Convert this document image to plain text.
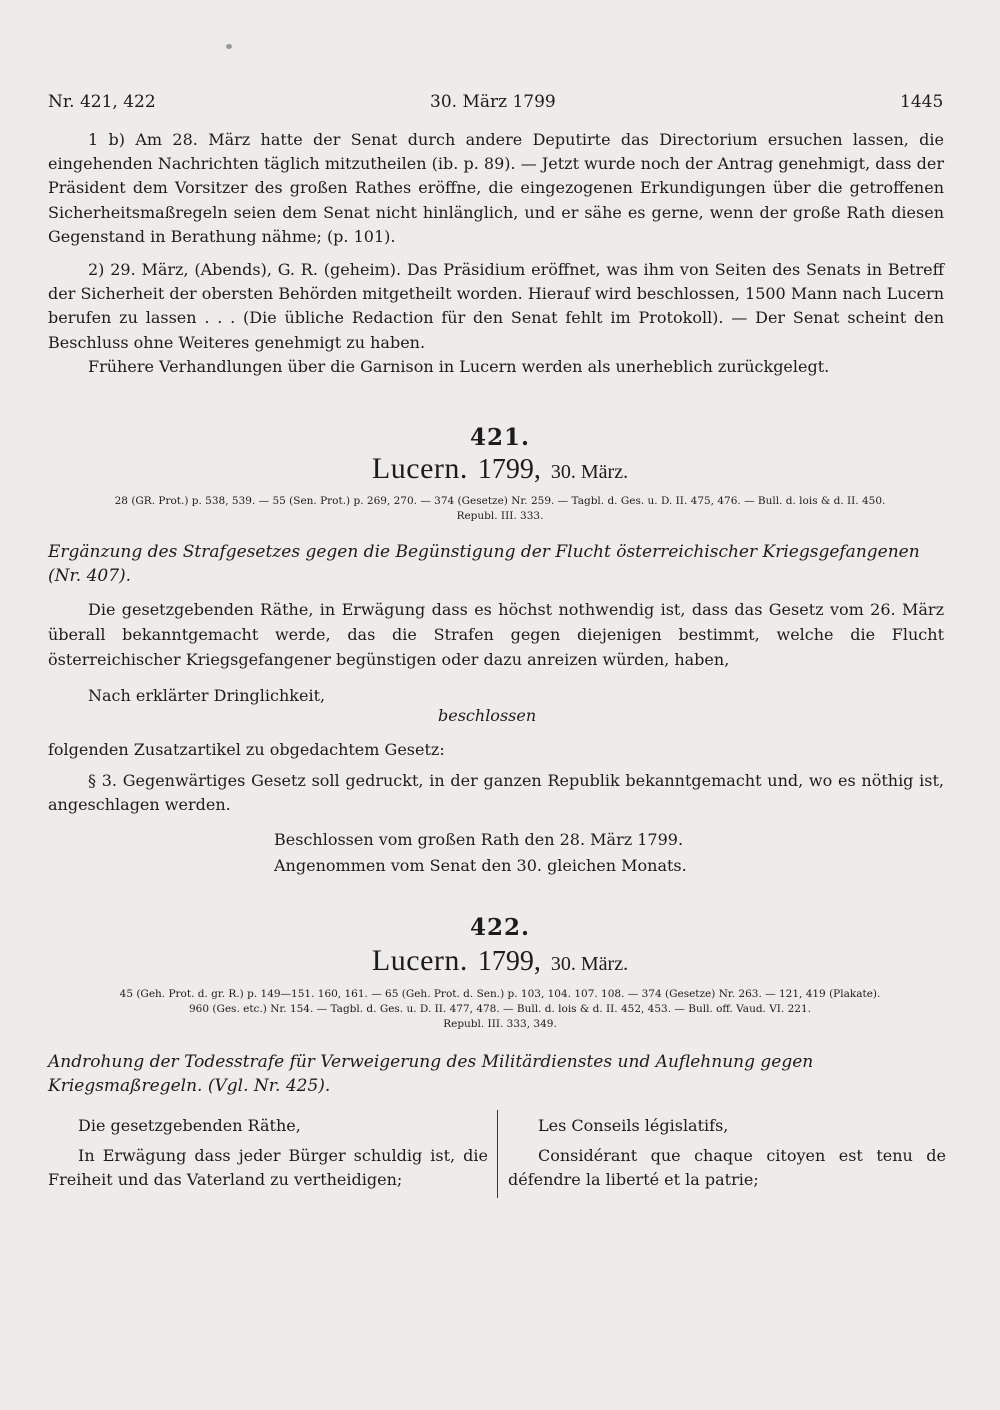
Nr. 421, 422	30. März 1799	1445

1 b) Am 28. März hatte der Senat durch andere Deputirte das Directorium ersuchen lassen, die eingehenden Nachrichten täglich mitzutheilen (ib. p. 89). — Jetzt wurde noch der Antrag genehmigt, dass der Präsident dem Vorsitzer des großen Rathes eröffne, die eingezogenen Erkundigungen über die getroffenen Sicherheitsmaßregeln seien dem Senat nicht hinlänglich, und er sähe es gerne, wenn der große Rath diesen Gegenstand in Berathung nähme; (p. 101).

2) 29. März, (Abends), G. R. (geheim). Das Präsidium eröffnet, was ihm von Seiten des Senats in Betreff der Sicherheit der obersten Behörden mitgetheilt worden. Hierauf wird beschlossen, 1500 Mann nach Lucern berufen zu lassen . . . (Die übliche Redaction für den Senat fehlt im Protokoll). — Der Senat scheint den Beschluss ohne Weiteres genehmigt zu haben.

Frühere Verhandlungen über die Garnison in Lucern werden als unerheblich zurückgelegt.

421.
Lucern. 1799, 30. März.
28 (GR. Prot.) p. 538, 539. — 55 (Sen. Prot.) p. 269, 270. — 374 (Gesetze) Nr. 259. — Tagbl. d. Ges. u. D. II. 475, 476. — Bull. d. lois & d. II. 450.
Republ. III. 333.

Ergänzung des Strafgesetzes gegen die Begünstigung der Flucht österreichischer Kriegsgefangenen (Nr. 407).

Die gesetzgebenden Räthe, in Erwägung dass es höchst nothwendig ist, dass das Gesetz vom 26. März überall bekanntgemacht werde, das die Strafen gegen diejenigen bestimmt, welche die Flucht österreichischer Kriegsgefangener begünstigen oder dazu anreizen würden, haben,

Nach erklärter Dringlichkeit,
beschlossen
folgenden Zusatzartikel zu obgedachtem Gesetz:

§ 3. Gegenwärtiges Gesetz soll gedruckt, in der ganzen Republik bekanntgemacht und, wo es nöthig ist, angeschlagen werden.

Beschlossen vom großen Rath den 28. März 1799.
Angenommen vom Senat den 30. gleichen Monats.
422.
Lucern. 1799, 30. März.
45 (Geh. Prot. d. gr. R.) p. 149—151. 160, 161. — 65 (Geh. Prot. d. Sen.) p. 103, 104. 107. 108. — 374 (Gesetze) Nr. 263. — 121, 419 (Plakate).
960 (Ges. etc.) Nr. 154. — Tagbl. d. Ges. u. D. II. 477, 478. — Bull. d. lois & d. II. 452, 453. — Bull. off. Vaud. VI. 221.
Republ. III. 333, 349.

Androhung der Todesstrafe für Verweigerung des Militärdienstes und Auflehnung gegen Kriegsmaßregeln. (Vgl. Nr. 425).

Die gesetzgebenden Räthe,

In Erwägung dass jeder Bürger schuldig ist, die Freiheit und das Vaterland zu vertheidigen;

Les Conseils législatifs,

Considérant que chaque citoyen est tenu de défendre la liberté et la patrie;
